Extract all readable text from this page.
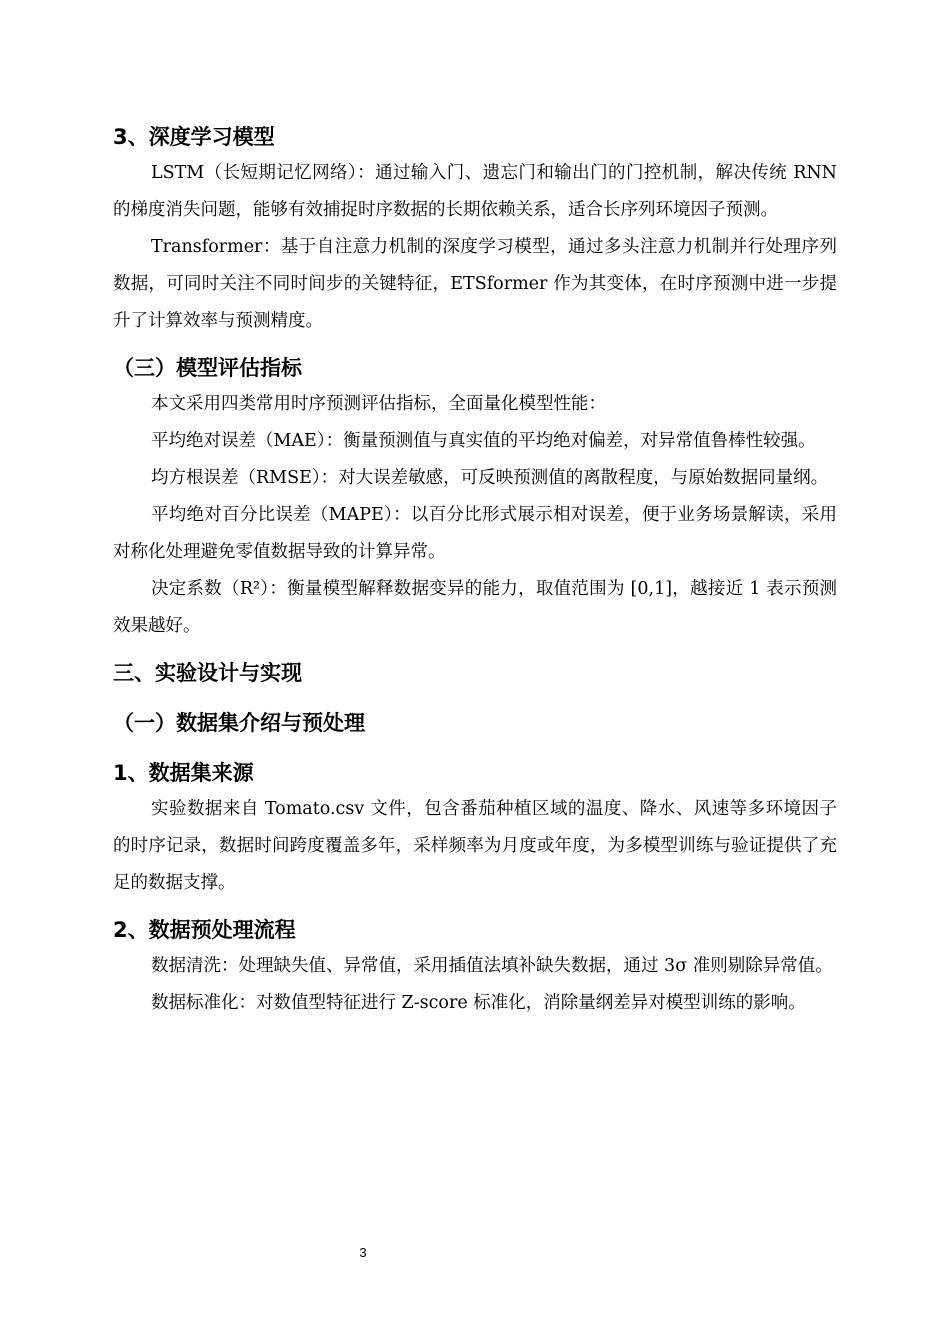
3、深度学习模型

LSTM（长短期记忆网络）：通过输入门、遗忘门和输出门的门控机制，解决传统 RNN 的梯度消失问题，能够有效捕捉时序数据的长期依赖关系，适合长序列环境因子预测。

Transformer：基于自注意力机制的深度学习模型，通过多头注意力机制并行处理序列数据，可同时关注不同时间步的关键特征，ETSformer 作为其变体，在时序预测中进一步提升了计算效率与预测精度。

（三）模型评估指标

本文采用四类常用时序预测评估指标，全面量化模型性能：

平均绝对误差（MAE）：衡量预测值与真实值的平均绝对偏差，对异常值鲁棒性较强。

均方根误差（RMSE）：对大误差敏感，可反映预测值的离散程度，与原始数据同量纲。

平均绝对百分比误差（MAPE）：以百分比形式展示相对误差，便于业务场景解读，采用对称化处理避免零值数据导致的计算异常。

决定系数（R²）：衡量模型解释数据变异的能力，取值范围为 [0,1]，越接近 1 表示预测效果越好。

三、实验设计与实现
（一）数据集介绍与预处理
1、数据集来源

实验数据来自 Tomato.csv 文件，包含番茄种植区域的温度、降水、风速等多环境因子的时序记录，数据时间跨度覆盖多年，采样频率为月度或年度，为多模型训练与验证提供了充足的数据支撑。

2、数据预处理流程

数据清洗：处理缺失值、异常值，采用插值法填补缺失数据，通过 3σ 准则剔除异常值。

数据标准化：对数值型特征进行 Z-score 标准化，消除量纲差异对模型训练的影响。

3
